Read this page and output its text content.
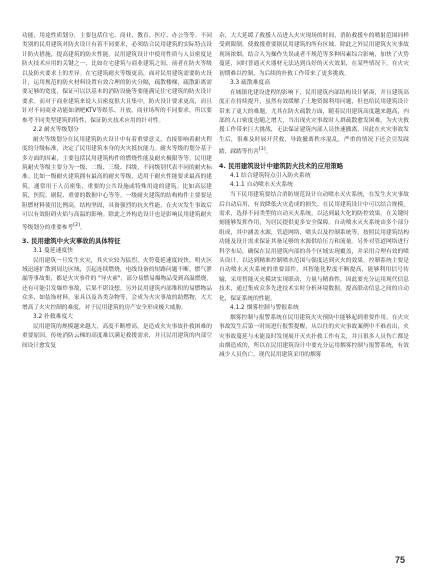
功能、用途性质划分，主要包括住宅、商业、教育、医疗、办公等等。不同类别的民用建筑对防火设计有着不同要求，必须结合民用建筑的实际特点设计防火措施，提高建筑的防火性能。民用建筑设计中使用性质与人员密度是防火技术应用的关键之一，比如在宅建筑与商业建筑之间，前者在防火等级以及防火要求上的差异。在宅建筑耐火等级更高，面对民用建筑需要防火设计，运用规范的防火材料设置有效合理的防火分隔，疏散楼梯，疏散距离需要足够的宽度，保证可以以基本的消防设施等要能满足住宅建筑的防火设计要求。而对于商业建筑来说人员密度很大且集中，防火设计要求更高，而且针对不同商业功能如酒吧KTV等娱乐、开放，商业场所的不同要求，所以要参考不同类型建筑的特性，保证防火技术应用的针对性。

2.2 耐火等级划分

耐火等级划分在民用建筑防火设计中有着重要意义，直接影响着耐火程度的分级标准，决定了民用建筑本身的火灾抵抗能力。耐火等级的划分基于多方面的因素，主要包括民用建筑构件的燃烧性能及耐火极限等等。民用建筑耐火等级主要分为一级、二级、三级、四级，不同级别代表不同的耐火标准。比如一级耐火建筑拥有最高的耐火等级，适用于耐火性能要求最高的建筑，通常用于人员密集、重要的公共设施或特殊用途的建筑。比如高层建筑、医院、剧院、重要的数据中心等等。一级耐火建筑的结构构件主要要是阻燃材料使用比例高，结构坚固，具备强烈的抗火性能，在火灾发生事故后可以有效阻碍火焰与高温的影响。除此之外构造设计也是影响民用建筑耐火等级划分的重要参考[2]。

3. 民用建筑中火灾事故的具体特征

3.1 蔓延速度快

民用建筑一旦发生火灾，其火灾较为猛烈、火势蔓延速度较快，明火区域迅速扩散到周边区域，引起连续燃烧，电线设备的短路问题不断，燃气泄漏等事故集，都是火灾事件的 "导火索"，部分易燃易爆物品受到高温燃烧，还有可能引发爆炸事故，后果不堪设想。另外民用建筑内部堆积的易燃物品众多，如装饰材料，家具以及各类杂物等，会成为火灾事故的助燃物，大大增高了火灾控制的难度，对于民用建筑的房产安全形成极大威胁。

3.2 扑救难度大

民用建筑的规模越来越大，高度不断增高，是造成火灾事故扑救困难的重要原因。传统消防云梯的高度难以满足救援需求，并且民用建筑的内部空间设计愈发复

杂，大大延缓了救援人员进入火灾现场的时间，消防救援车的喷射范围同样受到限制，使救援重要据民用建筑的所有区域。除此之外民用建筑火灾事故现场浓烟，结合人为操作失误或者不规范等多种因素综合影响，加快了火势蔓延，同时普通灭火器材无法达到良好的灭火效果，在某些情况下，在火灾初期难以控制，为后续的扑救工作带来了更多挑战。

3.3 疏散难度高

在城镇化建设进程的影响下，民用建筑内部结构设计紧凑，并且建筑高度正在持续提升，虽然有效缓解了土地资源利用问题，但也给民用建筑设计带来了更大的难题，尤其在防火疏散方面，随着民用建筑高度越来越高，内部的人口密度也随之增大，当出现火灾事故时人群疏散愈发困难，为火灾救援工作带来巨大挑战，无法保证建筑内部人员快速撤离，因此在火灾事故发生后，很难及时展开营救，导致撤离秩序混乱，严重的情况下还会引发踩踏，踩踏等伤害[3]。

4. 民用建筑设计中建筑防火技术的应用策略

4.1 结合建筑特点引入防火系统

4.1.1 自动喷水灭火系统

当下民用建筑要结合消防规范设计自动喷水灭火系统，在发生火灾事故后自动启用，有效降低火灾造成的损失。在民用建筑设计中可以结合规模，需求，选择不同类型的自动灭火系统，以达到最大化的防控效果。在关键时刻能够发挥作用，为居民提供更多安全保障。自动喷水灭火系统由多个部分组成，其中涵盖水源，管道网络，喷头以及控制系统等，按照民用建筑结构功能及设计需求保证其备足够的水源供给压力和流量。另外对管道网络进行科学布局，确保在民用建筑内部的各个区域实现覆盖，并采用合理有效的喷头设计，以达到精准控制喷水范围与强度达到灭火的效果。控制系统主要是自动喷水灭火系统的重要部件，其智能化程度不断提高，能够利用信号传输，采用智能灭火模块实现联动，力量与精准性，因此要充分运用现代信息技术，通过集成众多先进技术实时分析环境数据，提高联动信息之间的自动化，保证系统的性能。

4.1.2 烟雾控制与警报系统

烟雾控制与报警系统在民用建筑火灾预防中能够起到重要作用。在火灾事故发生后第一时间进行报警提醒，从以往的火灾事故案例中不难看出，火灾事故蔓延与未能及时发现展开灭火扑救工作有关，并且很多人员伤亡都是由烟造成的，所以在民用建筑设计中要充分运用烟雾控制与报警系统，有效减少人员伤亡。现代民用建筑采用的烟雾

75
